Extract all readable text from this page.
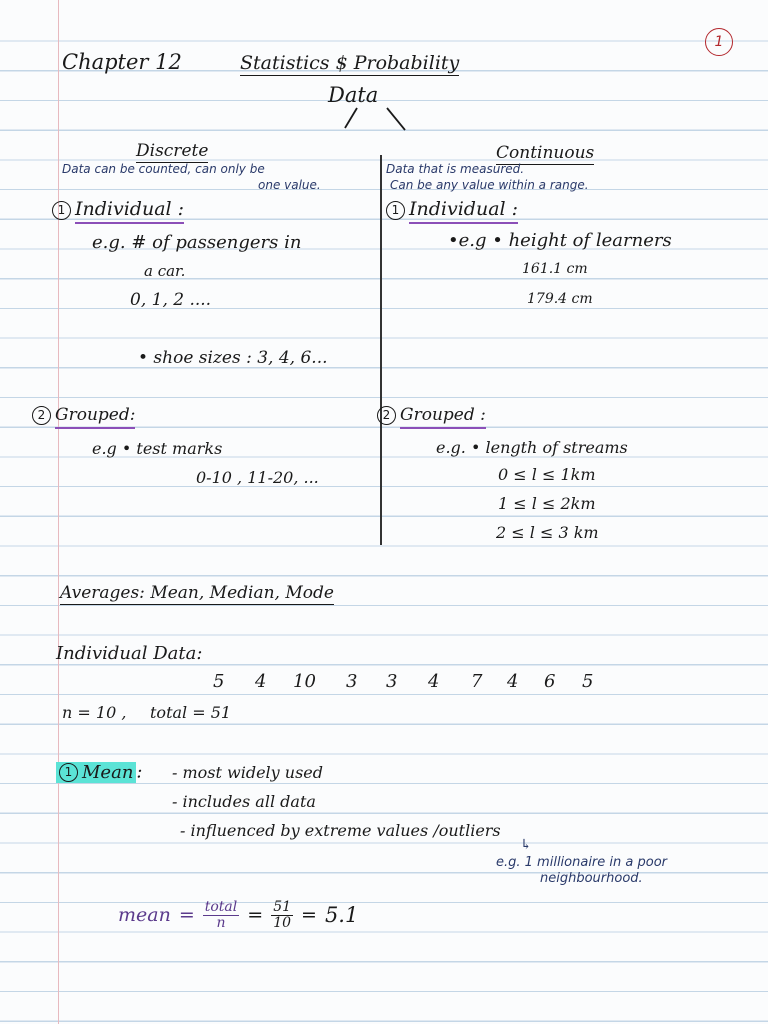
1
Chapter 12	Statistics $ Probability
Data
Discrete
Data can be counted, can only be
one value.
1 Individual :
e.g. # of passengers in
a car.
0, 1, 2 ....
• shoe sizes : 3, 4, 6...
2 Grouped:
e.g • test marks
0-10 , 11-20, ...
Continuous
Data that is measured.
Can be any value within a range.
1 Individual :
•e.g • height of learners
161.1 cm
179.4 cm
2 Grouped :
e.g. • length of streams
0 ≤ l ≤ 1km
1 ≤ l ≤ 2km
2 ≤ l ≤ 3 km
Averages: Mean, Median, Mode
Individual Data:
5 4 10 3 3 4 7 4 6 5
n = 10 , total = 51
1 Mean : - most widely used
- includes all data
- influenced by extreme values /outliers
↳
e.g. 1 millionaire in a poor
neighbourhood.
mean = $\frac{\text{total}}{n} = \frac{51}{10} = 5.1$
